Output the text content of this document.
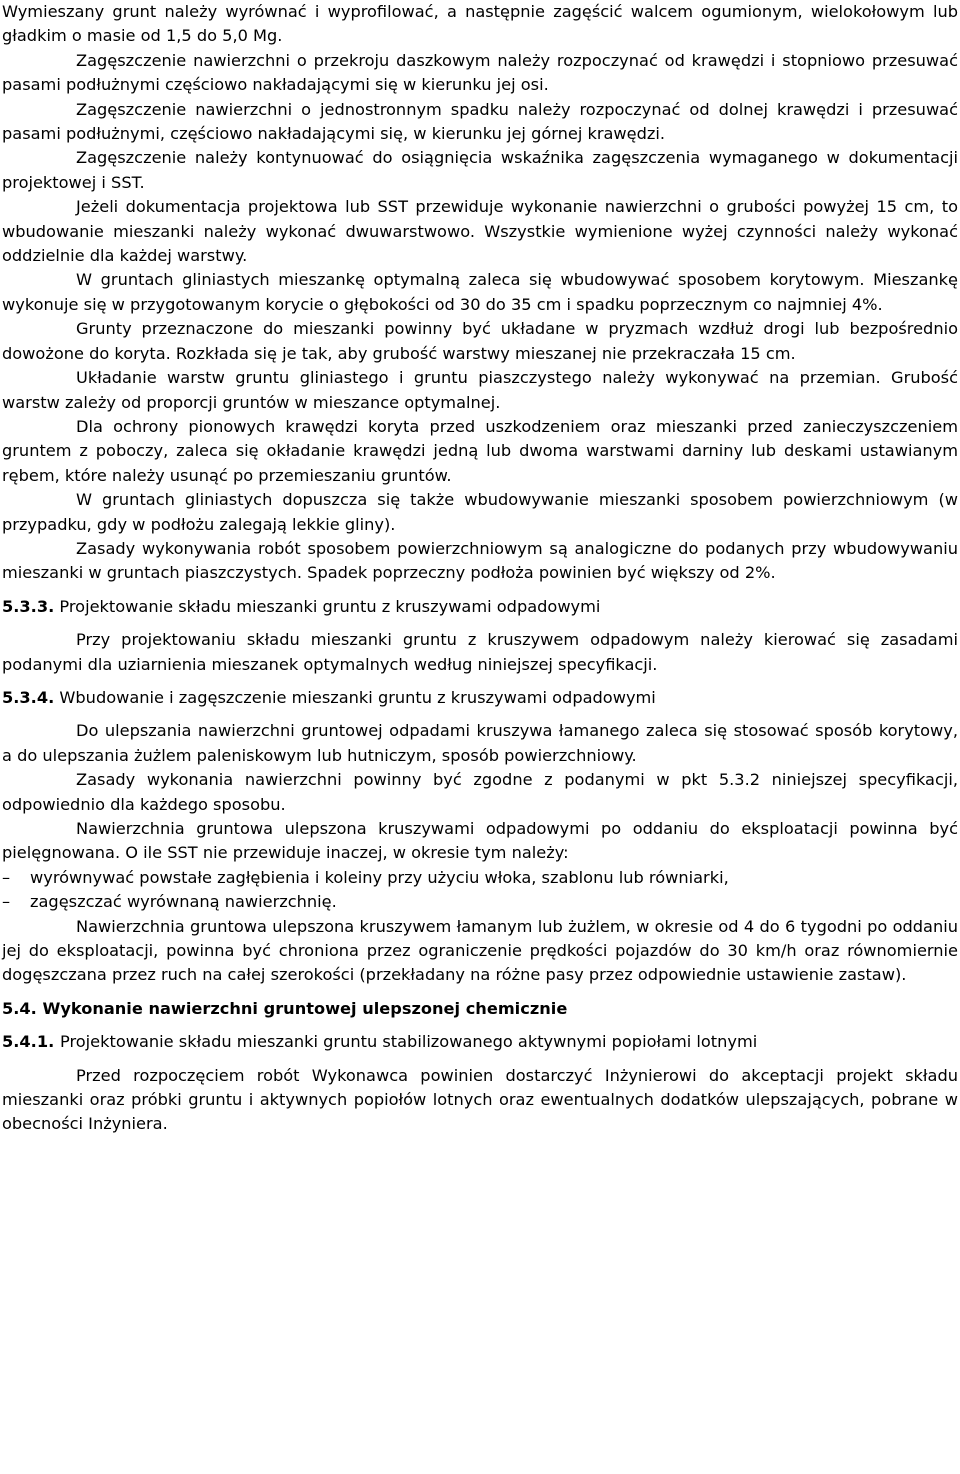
Wymieszany grunt należy wyrównać i wyprofilować, a następnie zagęścić walcem ogumionym, wielokołowym lub gładkim o masie od 1,5 do 5,0 Mg.

Zagęszczenie nawierzchni o przekroju daszkowym należy rozpoczynać od krawędzi i stopniowo przesuwać pasami podłużnymi częściowo nakładającymi się w kierunku jej osi.

Zagęszczenie nawierzchni o jednostronnym spadku należy rozpoczynać od dolnej krawędzi i przesuwać pasami podłużnymi, częściowo nakładającymi się, w kierunku jej górnej krawędzi.

Zagęszczenie należy kontynuować do osiągnięcia wskaźnika zagęszczenia wymaganego w dokumentacji projektowej i SST.

Jeżeli dokumentacja projektowa lub SST przewiduje wykonanie nawierzchni o grubości powyżej 15 cm, to wbudowanie mieszanki należy wykonać dwuwarstwowo. Wszystkie wymienione wyżej czynności należy wykonać oddzielnie dla każdej warstwy.

W gruntach gliniastych mieszankę optymalną zaleca się wbudowywać sposobem korytowym. Mieszankę wykonuje się w przygotowanym korycie o głębokości od 30 do 35 cm i spadku poprzecznym co najmniej 4%.

Grunty przeznaczone do mieszanki powinny być układane w pryzmach wzdłuż drogi lub bezpośrednio dowożone do koryta. Rozkłada się je tak, aby grubość warstwy mieszanej nie przekraczała 15 cm.

Układanie warstw gruntu gliniastego i gruntu piaszczystego należy wykonywać na przemian. Grubość warstw zależy od proporcji gruntów w mieszance optymalnej.

Dla ochrony pionowych krawędzi koryta przed uszkodzeniem oraz mieszanki przed zanieczyszczeniem gruntem z poboczy, zaleca się okładanie krawędzi jedną lub dwoma warstwami darniny lub deskami ustawianym rębem, które należy usunąć po przemieszaniu gruntów.

W gruntach gliniastych dopuszcza się także wbudowywanie mieszanki sposobem powierzchniowym (w przypadku, gdy w podłożu zalegają lekkie gliny).

Zasady wykonywania robót sposobem powierzchniowym są analogiczne do podanych przy wbudowywaniu mieszanki w gruntach piaszczystych. Spadek poprzeczny podłoża powinien być większy od 2%.

5.3.3. Projektowanie składu mieszanki gruntu z kruszywami odpadowymi

Przy projektowaniu składu mieszanki gruntu z kruszywem odpadowym należy kierować się zasadami podanymi dla uziarnienia mieszanek optymalnych według niniejszej specyfikacji.

5.3.4. Wbudowanie i zagęszczenie mieszanki gruntu z kruszywami odpadowymi

Do ulepszania nawierzchni gruntowej odpadami kruszywa łamanego zaleca się stosować sposób korytowy, a do ulepszania żużlem paleniskowym lub hutniczym, sposób powierzchniowy.

Zasady wykonania nawierzchni powinny być zgodne z podanymi w pkt 5.3.2 niniejszej specyfikacji, odpowiednio dla każdego sposobu.

Nawierzchnia gruntowa ulepszona kruszywami odpadowymi po oddaniu do eksploatacji powinna być pielęgnowana. O ile SST nie przewiduje inaczej, w okresie tym należy:

–	wyrównywać powstałe zagłębienia i koleiny przy użyciu włoka, szablonu lub równiarki,
–	zagęszczać wyrównaną nawierzchnię.

Nawierzchnia gruntowa ulepszona kruszywem łamanym lub żużlem, w okresie od 4 do 6 tygodni po oddaniu jej do eksploatacji, powinna być chroniona przez ograniczenie prędkości pojazdów do 30 km/h oraz równomiernie dogęszczana przez ruch na całej szerokości (przekładany na różne pasy przez odpowiednie ustawienie zastaw).

5.4. Wykonanie nawierzchni gruntowej ulepszonej chemicznie

5.4.1. Projektowanie składu mieszanki gruntu stabilizowanego aktywnymi popiołami lotnymi

Przed rozpoczęciem robót Wykonawca powinien dostarczyć Inżynierowi do akceptacji projekt składu mieszanki oraz próbki gruntu i aktywnych popiołów lotnych oraz ewentualnych dodatków ulepszających, pobrane w obecności Inżyniera.
